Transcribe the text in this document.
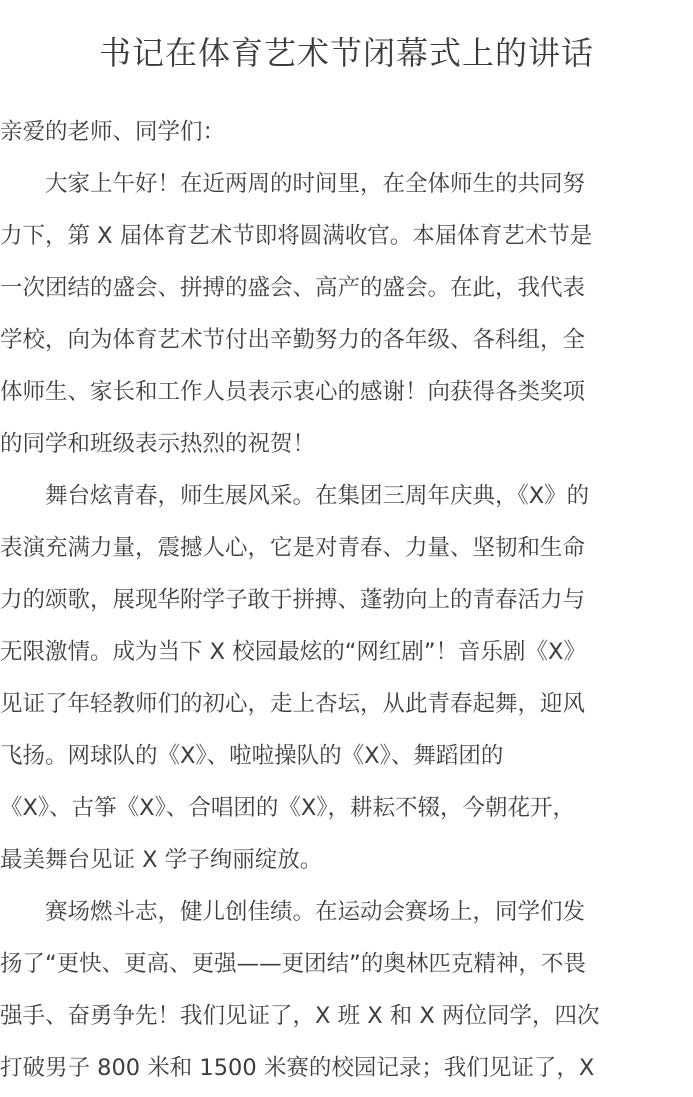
书记在体育艺术节闭幕式上的讲话
亲爱的老师、同学们：
　　大家上午好！在近两周的时间里，在全体师生的共同努
力下，第 X 届体育艺术节即将圆满收官。本届体育艺术节是
一次团结的盛会、拼搏的盛会、高产的盛会。在此，我代表
学校，向为体育艺术节付出辛勤努力的各年级、各科组，全
体师生、家长和工作人员表示衷心的感谢！向获得各类奖项
的同学和班级表示热烈的祝贺！
　　舞台炫青春，师生展风采。在集团三周年庆典，《X》的
表演充满力量，震撼人心，它是对青春、力量、坚韧和生命
力的颂歌，展现华附学子敢于拼搏、蓬勃向上的青春活力与
无限激情。成为当下 X 校园最炫的“网红剧”！音乐剧《X》
见证了年轻教师们的初心，走上杏坛，从此青春起舞，迎风
飞扬。网球队的《X》、啦啦操队的《X》、舞蹈团的
《X》、古筝《X》、合唱团的《X》，耕耘不辍，今朝花开，
最美舞台见证 X 学子绚丽绽放。
　　赛场燃斗志，健儿创佳绩。在运动会赛场上，同学们发
扬了“更快、更高、更强——更团结”的奥林匹克精神，不畏
强手、奋勇争先！我们见证了，X 班 X 和 X 两位同学，四次
打破男子 800 米和 1500 米赛的校园记录；我们见证了，X
